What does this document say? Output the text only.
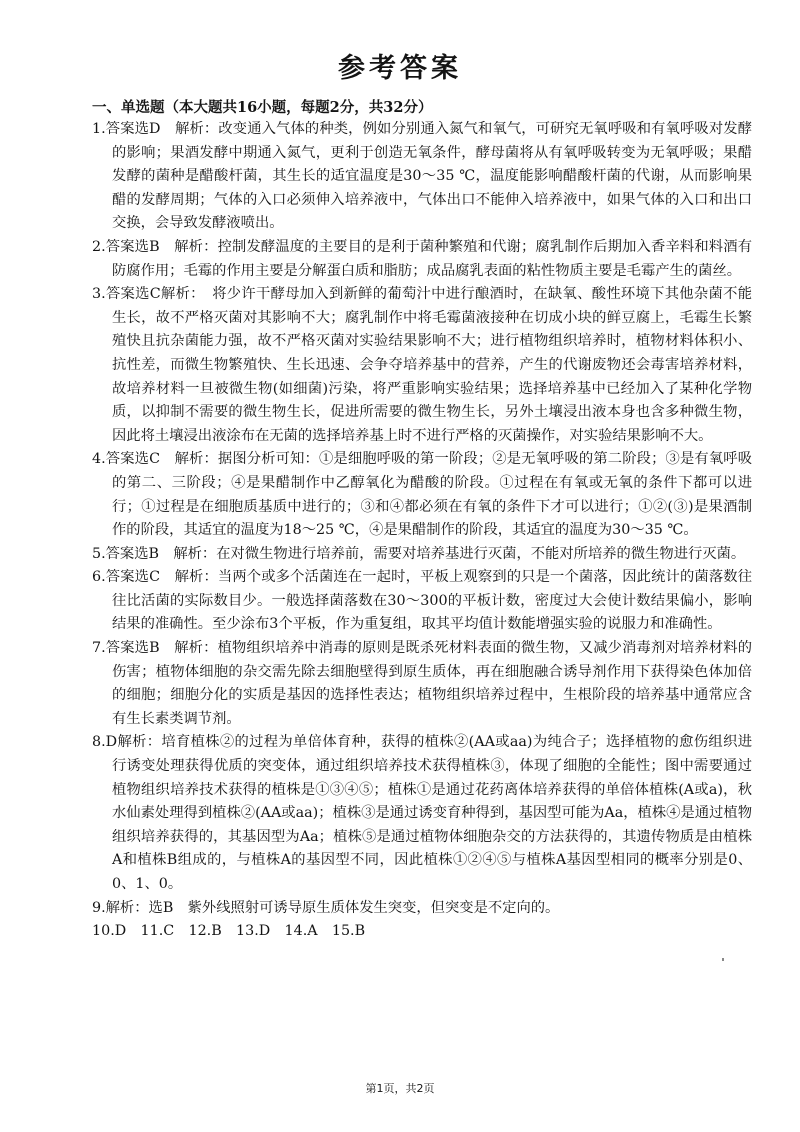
参考答案
一、单选题（本大题共16小题，每题2分，共32分）

1.答案选D　解析：改变通入气体的种类，例如分别通入氮气和氧气，可研究无氧呼吸和有氧呼吸对发酵的影响；果酒发酵中期通入氮气，更利于创造无氧条件，酵母菌将从有氧呼吸转变为无氧呼吸；果醋发酵的菌种是醋酸杆菌，其生长的适宜温度是30～35 ℃，温度能影响醋酸杆菌的代谢，从而影响果醋的发酵周期；气体的入口必须伸入培养液中，气体出口不能伸入培养液中，如果气体的入口和出口交换，会导致发酵液喷出。

2.答案选B　解析：控制发酵温度的主要目的是利于菌种繁殖和代谢；腐乳制作后期加入香辛料和料酒有防腐作用；毛霉的作用主要是分解蛋白质和脂肪；成品腐乳表面的粘性物质主要是毛霉产生的菌丝。

3.答案选C解析：　将少许干酵母加入到新鲜的葡萄汁中进行酿酒时，在缺氧、酸性环境下其他杂菌不能生长，故不严格灭菌对其影响不大；腐乳制作中将毛霉菌液接种在切成小块的鲜豆腐上，毛霉生长繁殖快且抗杂菌能力强，故不严格灭菌对实验结果影响不大；进行植物组织培养时，植物材料体积小、抗性差，而微生物繁殖快、生长迅速、会争夺培养基中的营养，产生的代谢废物还会毒害培养材料，故培养材料一旦被微生物(如细菌)污染，将严重影响实验结果；选择培养基中已经加入了某种化学物质，以抑制不需要的微生物生长，促进所需要的微生物生长，另外土壤浸出液本身也含多种微生物，因此将土壤浸出液涂布在无菌的选择培养基上时不进行严格的灭菌操作，对实验结果影响不大。

4.答案选C　解析：据图分析可知：①是细胞呼吸的第一阶段；②是无氧呼吸的第二阶段；③是有氧呼吸的第二、三阶段；④是果醋制作中乙醇氧化为醋酸的阶段。①过程在有氧或无氧的条件下都可以进行；①过程是在细胞质基质中进行的；③和④都必须在有氧的条件下才可以进行；①②(③)是果酒制作的阶段，其适宜的温度为18～25 ℃，④是果醋制作的阶段，其适宜的温度为30～35 ℃。

5.答案选B　解析：在对微生物进行培养前，需要对培养基进行灭菌，不能对所培养的微生物进行灭菌。

6.答案选C　解析：当两个或多个活菌连在一起时，平板上观察到的只是一个菌落，因此统计的菌落数往往比活菌的实际数目少。一般选择菌落数在30～300的平板计数，密度过大会使计数结果偏小，影响结果的准确性。至少涂布3个平板，作为重复组，取其平均值计数能增强实验的说服力和准确性。

7.答案选B　解析：植物组织培养中消毒的原则是既杀死材料表面的微生物，又减少消毒剂对培养材料的伤害；植物体细胞的杂交需先除去细胞壁得到原生质体，再在细胞融合诱导剂作用下获得染色体加倍的细胞；细胞分化的实质是基因的选择性表达；植物组织培养过程中，生根阶段的培养基中通常应含有生长素类调节剂。

8.D解析：培育植株②的过程为单倍体育种，获得的植株②(AA或aa)为纯合子；选择植物的愈伤组织进行诱变处理获得优质的突变体，通过组织培养技术获得植株③，体现了细胞的全能性；图中需要通过植物组织培养技术获得的植株是①③④⑤；植株①是通过花药离体培养获得的单倍体植株(A或a)，秋水仙素处理得到植株②(AA或aa)；植株③是通过诱变育种得到，基因型可能为Aa，植株④是通过植物组织培养获得的，其基因型为Aa；植株⑤是通过植物体细胞杂交的方法获得的，其遗传物质是由植株A和植株B组成的，与植株A的基因型不同，因此植株①②④⑤与植株A基因型相同的概率分别是0、0、1、0。

9.解析：选B　紫外线照射可诱导原生质体发生突变，但突变是不定向的。

10.D　11.C　12.B　13.D　14.A　15.B

第1页，共2页
